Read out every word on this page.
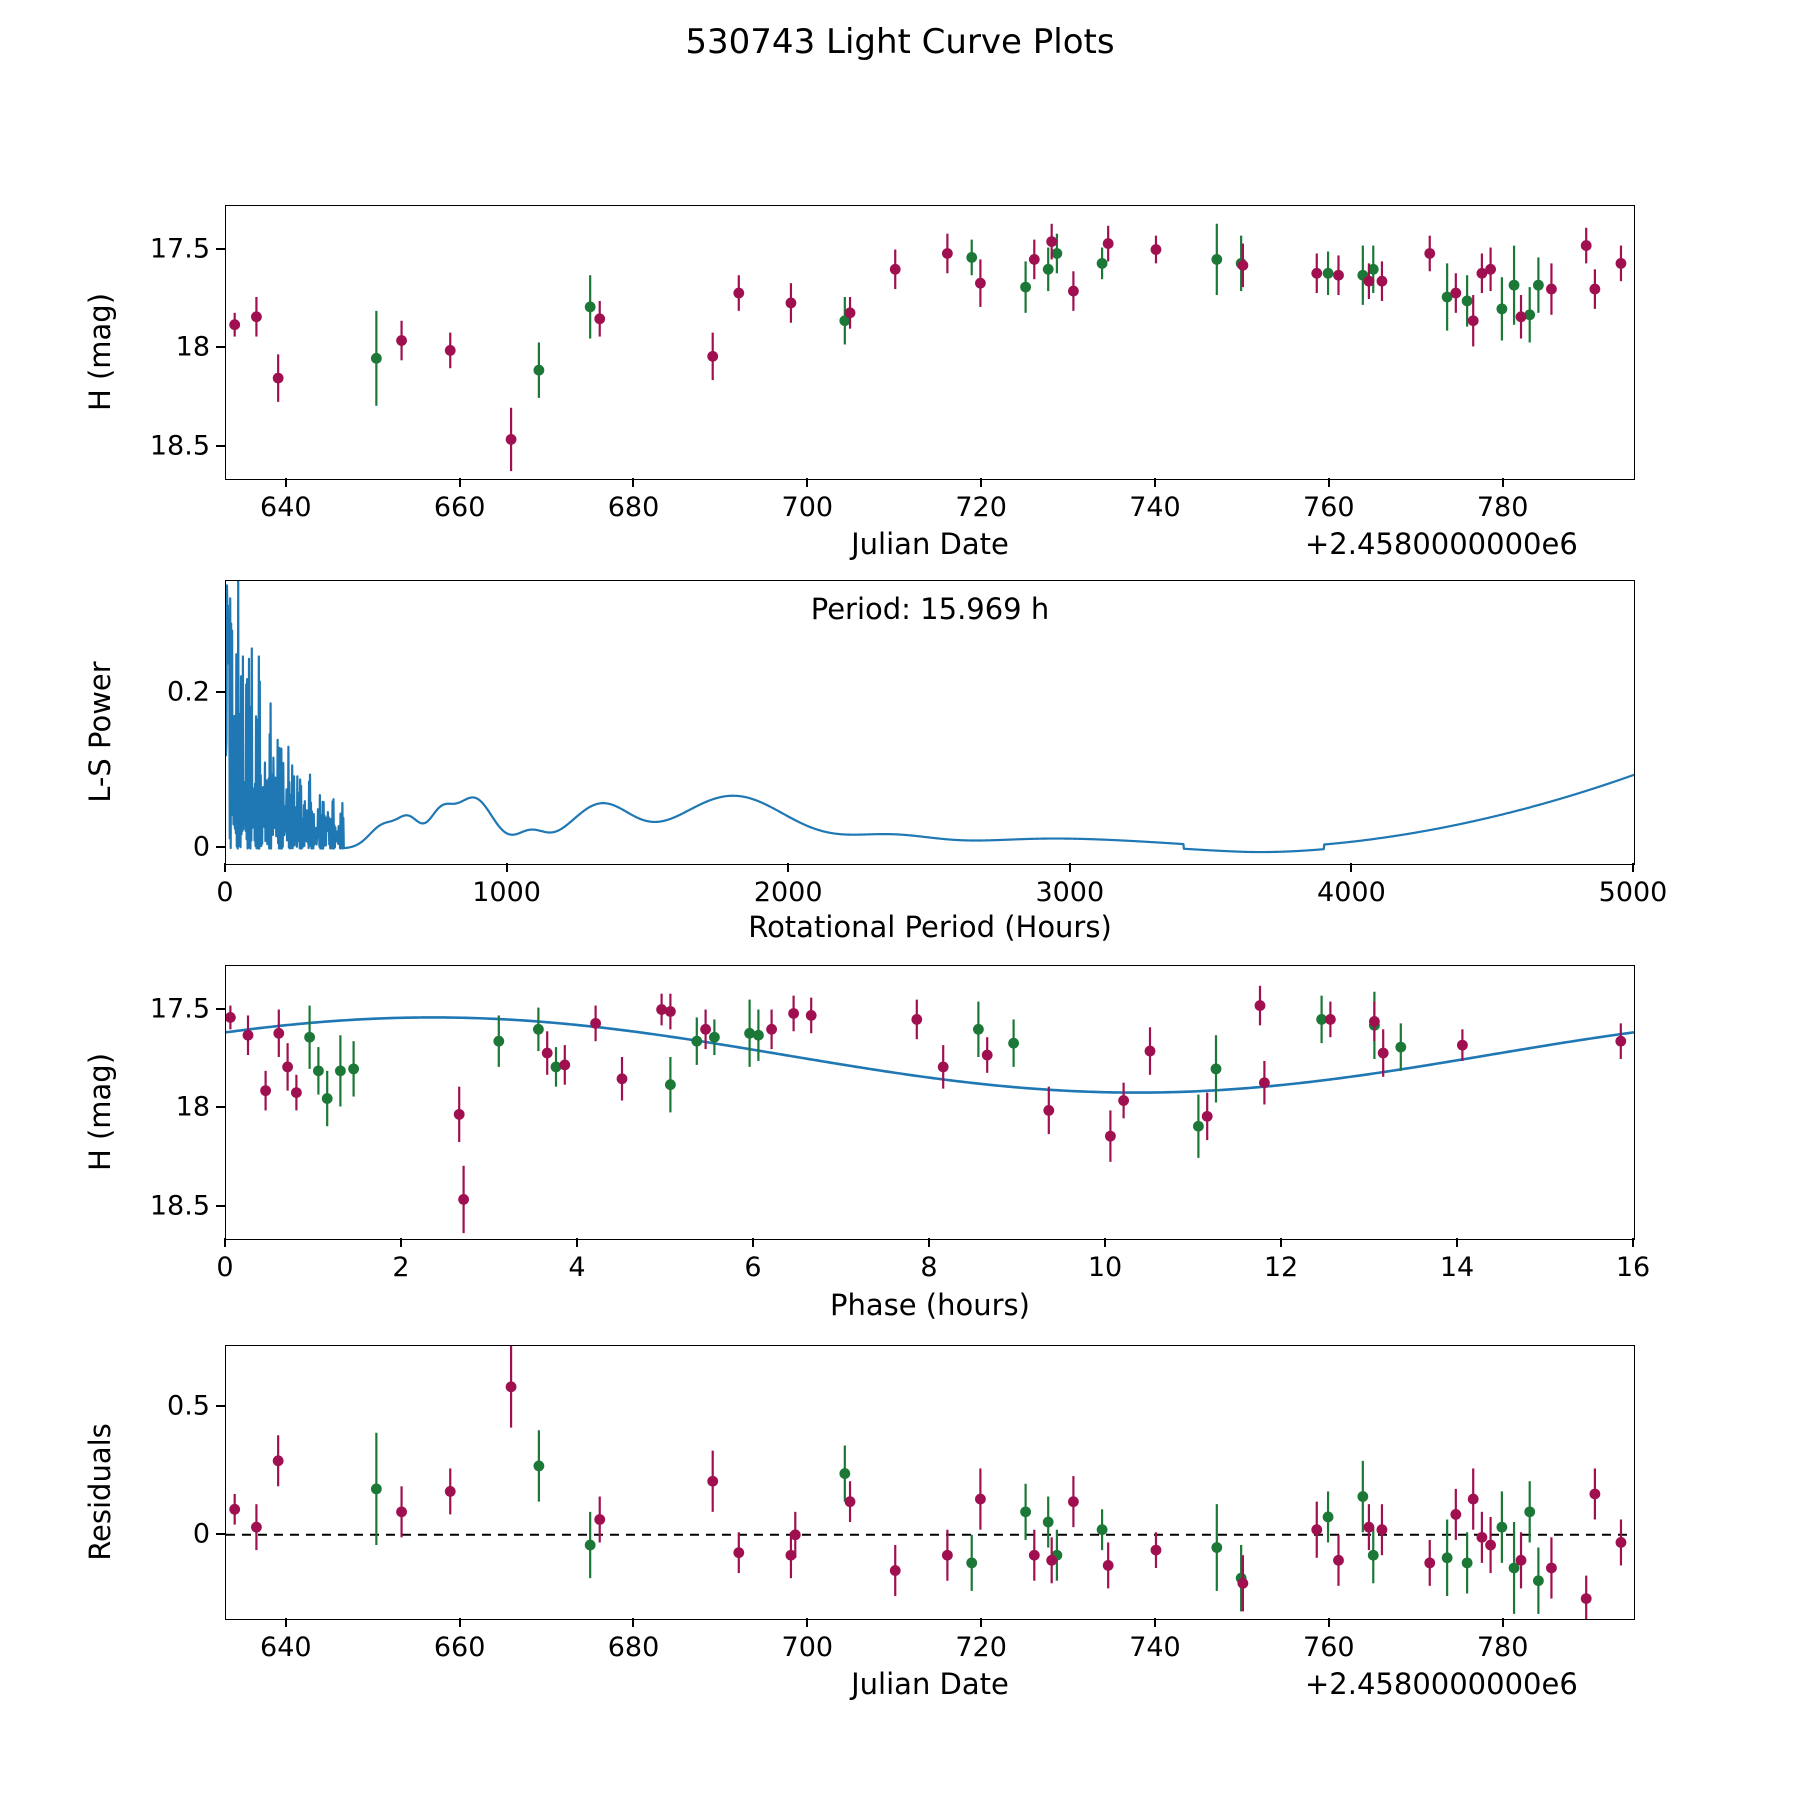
530743 Light Curve Plots
H (mag)
Julian Date	+2.4580000000e6
L-S Power
Rotational Period (Hours)
Period: 15.969 h
H (mag)
Phase (hours)
Residuals
Julian Date	+2.4580000000e6
640	660	680	700	720	740	760	780
17.5
18
18.5
0	1000	2000	3000	4000	5000
0
0.2
0	2	4	6	8	10	12	14	16
17.5
18
18.5
640	660	680	700	720	740	760	780
0
0.5
